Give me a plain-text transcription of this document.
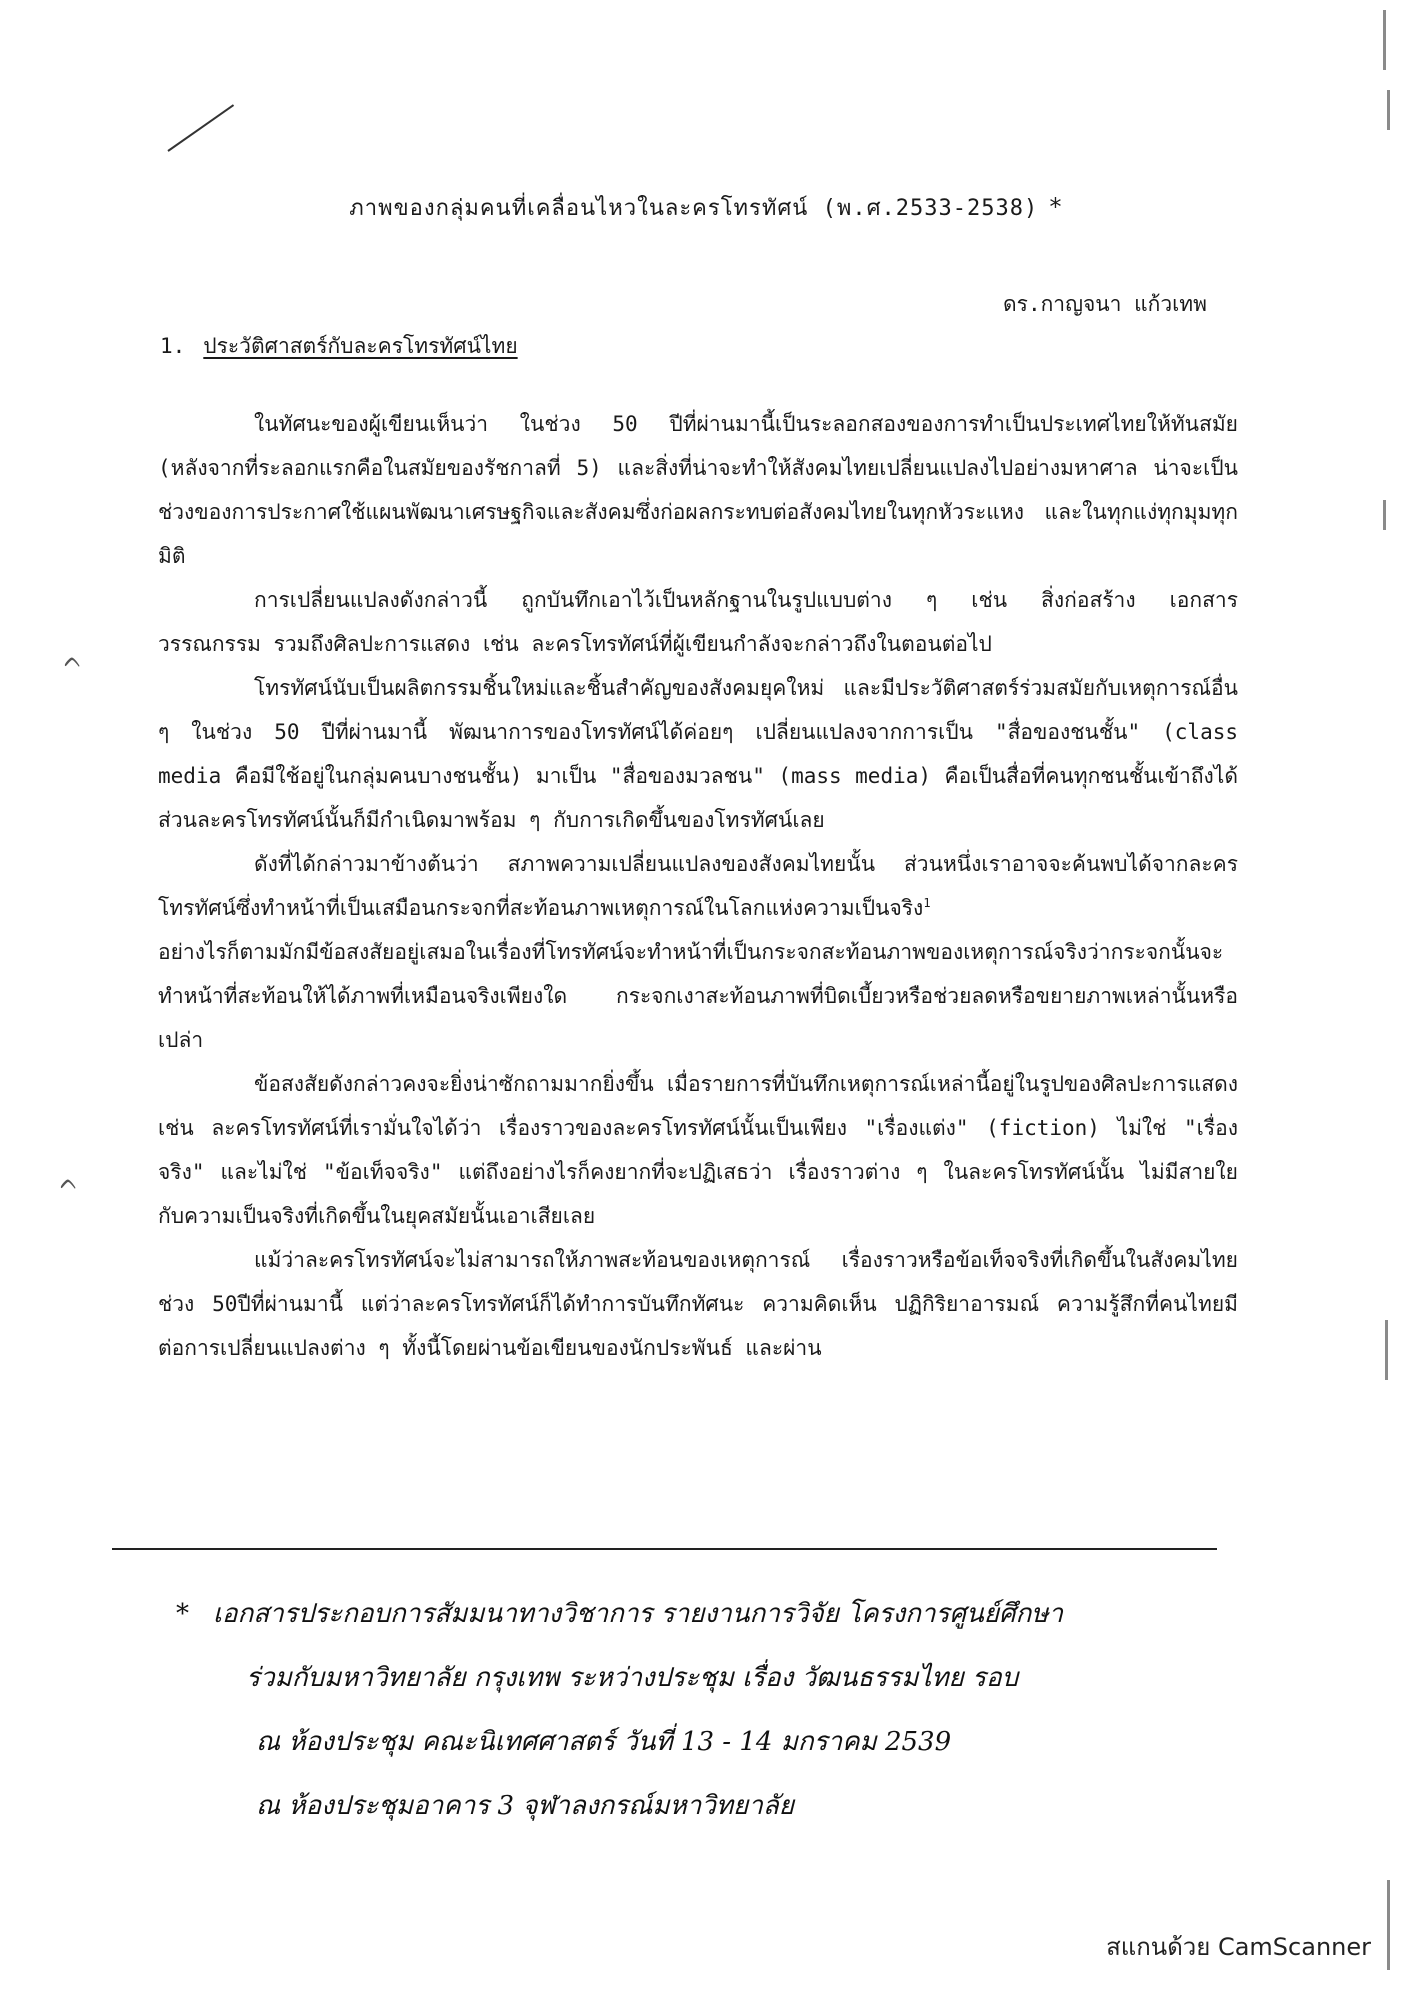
ภาพของกลุ่มคนที่เคลื่อนไหวในละครโทรทัศน์ (พ.ศ.2533-2538) *
ดร.กาญจนา แก้วเทพ
1. ประวัติศาสตร์กับละครโทรทัศน์ไทย
ᨈ
ᨈ

ในทัศนะของผู้เขียนเห็นว่า ในช่วง 50 ปีที่ผ่านมานี้เป็นระลอกสองของการทำเป็นประเทศไทยให้ทันสมัย (หลังจากที่ระลอกแรกคือในสมัยของรัชกาลที่ 5) และสิ่งที่น่าจะทำให้สังคมไทยเปลี่ยนแปลงไปอย่างมหาศาล น่าจะเป็นช่วงของการประกาศใช้แผนพัฒนาเศรษฐกิจและสังคมซึ่งก่อผลกระทบต่อสังคมไทยในทุกหัวระแหง และในทุกแง่ทุกมุมทุกมิติ

การเปลี่ยนแปลงดังกล่าวนี้ ถูกบันทึกเอาไว้เป็นหลักฐานในรูปแบบต่าง ๆ เช่น สิ่งก่อสร้าง เอกสาร วรรณกรรม รวมถึงศิลปะการแสดง เช่น ละครโทรทัศน์ที่ผู้เขียนกำลังจะกล่าวถึงในตอนต่อไป

โทรทัศน์นับเป็นผลิตกรรมชิ้นใหม่และชิ้นสำคัญของสังคมยุคใหม่ และมีประวัติศาสตร์ร่วมสมัยกับเหตุการณ์อื่น ๆ ในช่วง 50 ปีที่ผ่านมานี้ พัฒนาการของโทรทัศน์ได้ค่อยๆ เปลี่ยนแปลงจากการเป็น "สื่อของชนชั้น" (class media คือมีใช้อยู่ในกลุ่มคนบางชนชั้น) มาเป็น "สื่อของมวลชน" (mass media) คือเป็นสื่อที่คนทุกชนชั้นเข้าถึงได้ ส่วนละครโทรทัศน์นั้นก็มีกำเนิดมาพร้อม ๆ กับการเกิดขึ้นของโทรทัศน์เลย

ดังที่ได้กล่าวมาข้างต้นว่า สภาพความเปลี่ยนแปลงของสังคมไทยนั้น ส่วนหนึ่งเราอาจจะค้นพบได้จากละครโทรทัศน์ซึ่งทำหน้าที่เป็นเสมือนกระจกที่สะท้อนภาพเหตุการณ์ในโลกแห่งความเป็นจริง$^1$

อย่างไรก็ตามมักมีข้อสงสัยอยู่เสมอในเรื่องที่โทรทัศน์จะทำหน้าที่เป็นกระจกสะท้อนภาพของเหตุการณ์จริงว่ากระจกนั้นจะทำหน้าที่สะท้อนให้ได้ภาพที่เหมือนจริงเพียงใด กระจกเงาสะท้อนภาพที่บิดเบี้ยวหรือช่วยลดหรือขยายภาพเหล่านั้นหรือเปล่า

ข้อสงสัยดังกล่าวคงจะยิ่งน่าซักถามมากยิ่งขึ้น เมื่อรายการที่บันทึกเหตุการณ์เหล่านี้อยู่ในรูปของศิลปะการแสดง เช่น ละครโทรทัศน์ที่เรามั่นใจได้ว่า เรื่องราวของละครโทรทัศน์นั้นเป็นเพียง "เรื่องแต่ง" (fiction) ไม่ใช่ "เรื่องจริง" และไม่ใช่ "ข้อเท็จจริง" แต่ถึงอย่างไรก็คงยากที่จะปฏิเสธว่า เรื่องราวต่าง ๆ ในละครโทรทัศน์นั้น ไม่มีสายใยกับความเป็นจริงที่เกิดขึ้นในยุคสมัยนั้นเอาเสียเลย

แม้ว่าละครโทรทัศน์จะไม่สามารถให้ภาพสะท้อนของเหตุการณ์ เรื่องราวหรือข้อเท็จจริงที่เกิดขึ้นในสังคมไทยช่วง 50ปีที่ผ่านมานี้ แต่ว่าละครโทรทัศน์ก็ได้ทำการบันทึกทัศนะ ความคิดเห็น ปฏิกิริยาอารมณ์ ความรู้สึกที่คนไทยมีต่อการเปลี่ยนแปลงต่าง ๆ ทั้งนี้โดยผ่านข้อเขียนของนักประพันธ์ และผ่าน

* เอกสารประกอบการสัมมนาทางวิชาการ รายงานการวิจัย โครงการศูนย์ศึกษา
ร่วมกับมหาวิทยาลัย กรุงเทพ ระหว่างประชุม เรื่อง วัฒนธรรมไทย รอบ
ณ ห้องประชุม คณะนิเทศศาสตร์ วันที่ 13 - 14 มกราคม 2539
ณ ห้องประชุมอาคาร 3 จุฬาลงกรณ์มหาวิทยาลัย
สแกนด้วย CamScanner
